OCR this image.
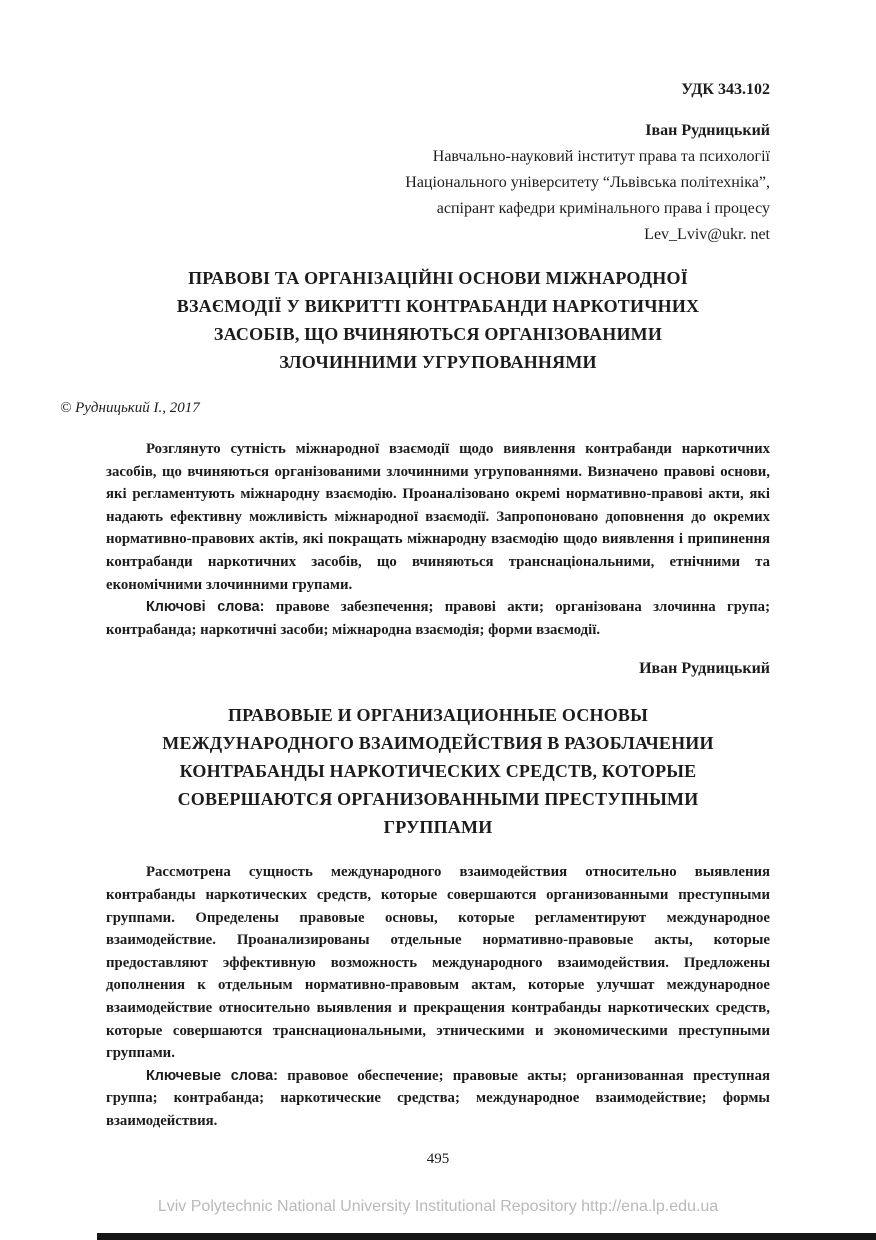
УДК 343.102
Іван Рудницький
Навчально-науковий інститут права та психології
Національного університету “Львівська політехніка”,
аспірант кафедри кримінального права і процесу
Lev_Lviv@ukr. net
ПРАВОВІ ТА ОРГАНІЗАЦІЙНІ ОСНОВИ МІЖНАРОДНОЇ
ВЗАЄМОДІЇ У ВИКРИТТІ КОНТРАБАНДИ НАРКОТИЧНИХ
ЗАСОБІВ, ЩО ВЧИНЯЮТЬСЯ ОРГАНІЗОВАНИМИ
ЗЛОЧИННИМИ УГРУПОВАННЯМИ
© Рудницький І., 2017

Розглянуто сутність міжнародної взаємодії щодо виявлення контрабанди наркотичних засобів, що вчиняються організованими злочинними угрупованнями. Визначено правові основи, які регламентують міжнародну взаємодію. Проаналізовано окремі нормативно-правові акти, які надають ефективну можливість міжнародної взаємодії. Запропоновано доповнення до окремих нормативно-правових актів, які покращать міжнародну взаємодію щодо виявлення і припинення контрабанди наркотичних засобів, що вчиняються транснаціональними, етнічними та економічними злочинними групами.

Ключові слова: правове забезпечення; правові акти; організована злочинна група; контрабанда; наркотичні засоби; міжнародна взаємодія; форми взаємодії.

Иван Рудницький
ПРАВОВЫЕ И ОРГАНИЗАЦИОННЫЕ ОСНОВЫ
МЕЖДУНАРОДНОГО ВЗАИМОДЕЙСТВИЯ В РАЗОБЛАЧЕНИИ
КОНТРАБАНДЫ НАРКОТИЧЕСКИХ СРЕДСТВ, КОТОРЫЕ
СОВЕРШАЮТСЯ ОРГАНИЗОВАННЫМИ ПРЕСТУПНЫМИ
ГРУППАМИ

Рассмотрена сущность международного взаимодействия относительно выявления контрабанды наркотических средств, которые совершаются организованными преступными группами. Определены правовые основы, которые регламентируют международное взаимодействие. Проанализированы отдельные нормативно-правовые акты, которые предоставляют эффективную возможность международного взаимодействия. Предложены дополнения к отдельным нормативно-правовым актам, которые улучшат международное взаимодействие относительно выявления и прекращения контрабанды наркотических средств, которые совершаются транснациональными, этническими и экономическими преступными группами.

Ключевые слова: правовое обеспечение; правовые акты; организованная преступная группа; контрабанда; наркотические средства; международное взаимодействие; формы взаимодействия.

495
Lviv Polytechnic National University Institutional Repository http://ena.lp.edu.ua
